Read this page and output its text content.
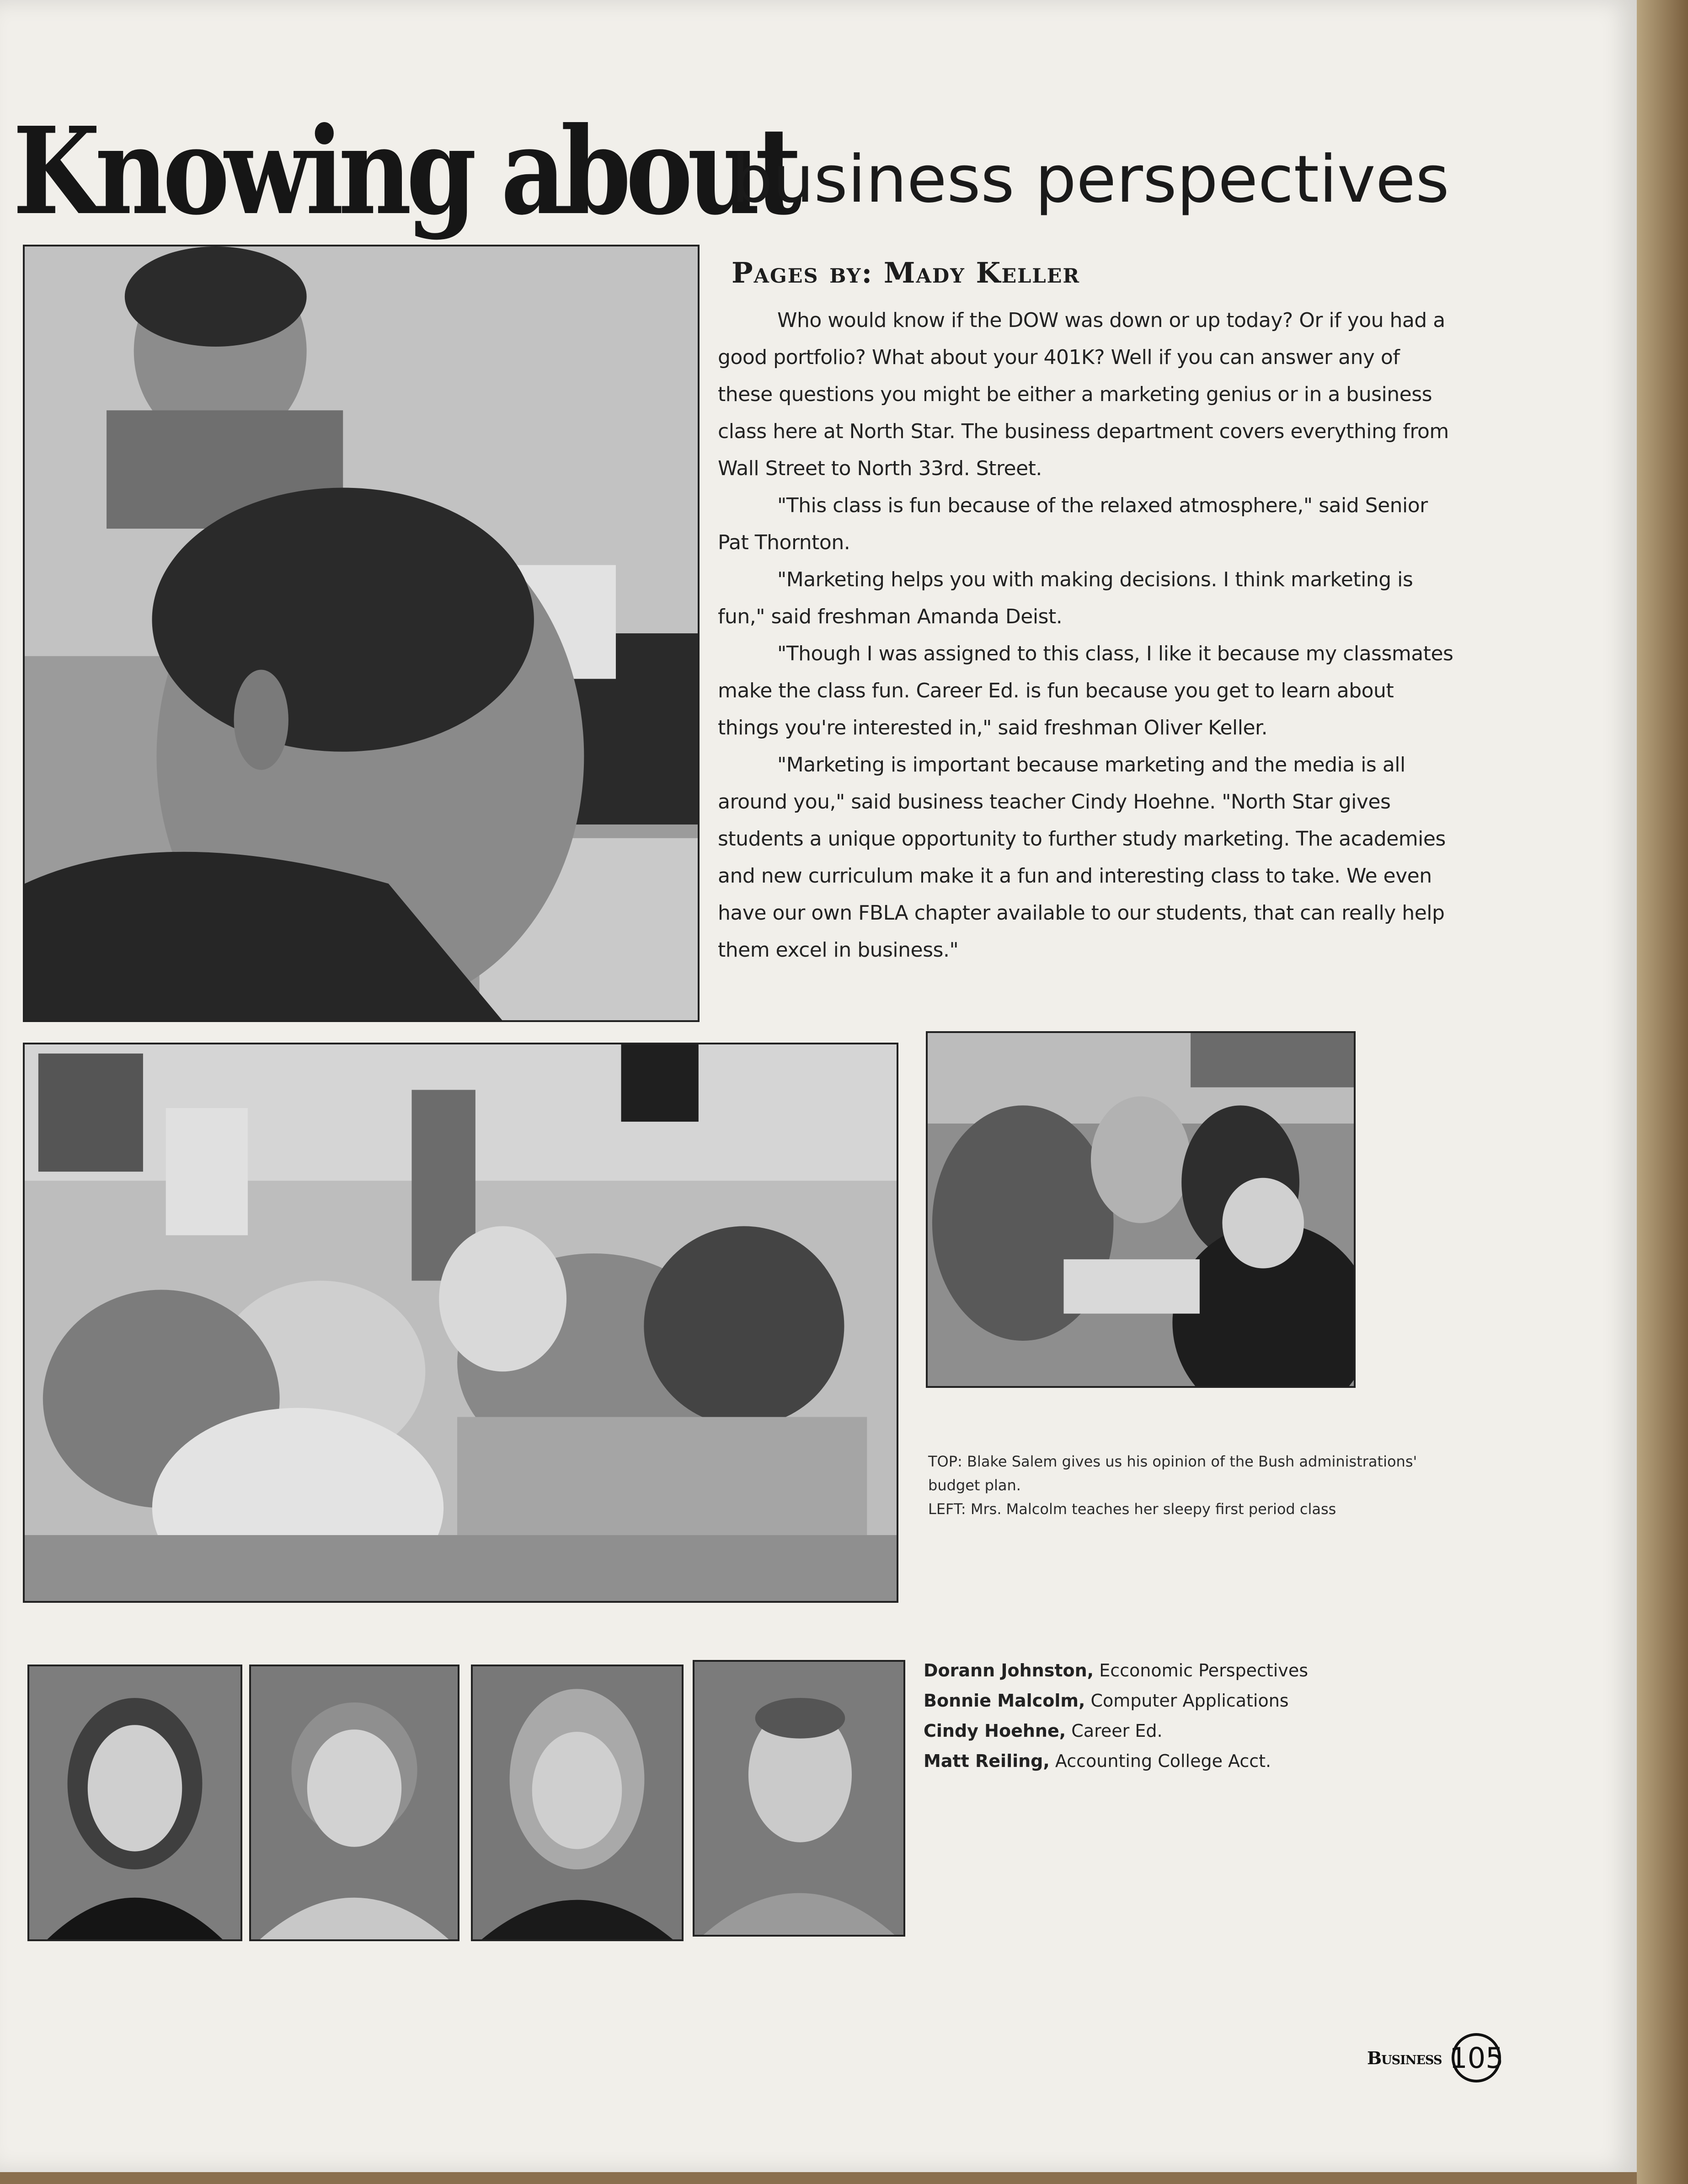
Knowing about
business perspectives
Pages by: Mady Keller

Who would know if the DOW was down or up today? Or if you had a good portfolio? What about your 401K? Well if you can answer any of these questions you might be either a marketing genius or in a business class here at North Star. The business department covers everything from Wall Street to North 33rd. Street.

"This class is fun because of the relaxed atmosphere," said Senior Pat Thornton.

"Marketing helps you with making decisions. I think marketing is fun," said freshman Amanda Deist.

"Though I was assigned to this class, I like it because my classmates make the class fun. Career Ed. is fun because you get to learn about things you're interested in," said freshman Oliver Keller.

"Marketing is important because marketing and the media is all around you," said business teacher Cindy Hoehne. "North Star gives students a unique opportunity to further study marketing. The academies and new curriculum make it a fun and interesting class to take. We even have our own FBLA chapter available to our students, that can really help them excel in business."

TOP: Blake Salem gives us his opinion of the Bush administrations'
budget plan.
LEFT: Mrs. Malcolm teaches her sleepy first period class
Dorann Johnston, Ecconomic Perspectives
Bonnie Malcolm, Computer Applications
Cindy Hoehne, Career Ed.
Matt Reiling, Accounting College Acct.
Business 105
